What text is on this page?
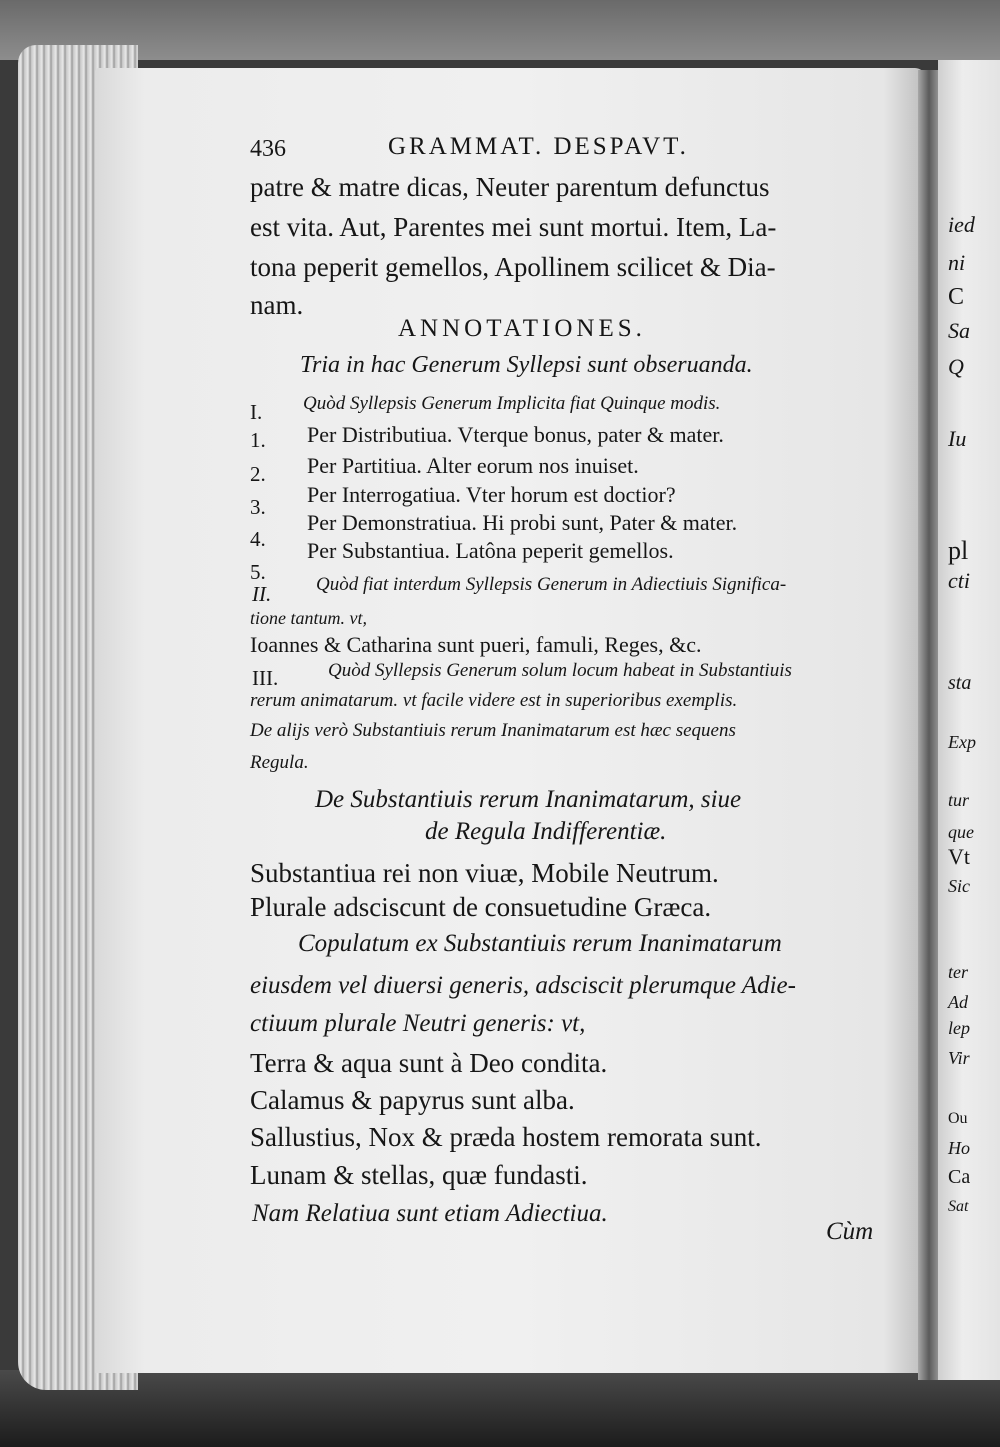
436	GRAMMAT. DESPAVT.
patre & matre dicas, Neuter parentum defunctus
est vita. Aut, Parentes mei sunt mortui. Item, La-
tona peperit gemellos, Apollinem scilicet & Dia-
nam.
ANNOTATIONES.
Tria in hac Generum Syllepsi sunt obseruanda.
I. Quòd Syllepsis Generum Implicita fiat Quinque modis.
1. Per Distributiua. Vterque bonus, pater & mater.
2. Per Partitiua. Alter eorum nos inuiset.
3. Per Interrogatiua. Vter horum est doctior?
4.
Per Demonstratiua. Hi probi sunt, Pater & mater.
5.
Per Substantiua. Latôna peperit gemellos.
II. Quòd fiat interdum Syllepsis Generum in Adiectiuis Significa-
tione tantum. vt,
Ioannes & Catharina sunt pueri, famuli, Reges, &c.
III.	Quòd Syllepsis Generum solum locum habeat in Substantiuis
rerum animatarum. vt facile videre est in superioribus exemplis.
De alijs verò Substantiuis rerum Inanimatarum est hæc sequens
Regula.
De Substantiuis rerum Inanimatarum, siue
de Regula Indifferentiæ.
Substantiua rei non viuæ, Mobile Neutrum.
Plurale adsciscunt de consuetudine Græca.
Copulatum ex Substantiuis rerum Inanimatarum
eiusdem vel diuersi generis, adsciscit plerumque Adie-
ctiuum plurale Neutri generis: vt,
Terra & aqua sunt à Deo condita.
Calamus & papyrus sunt alba.
Sallustius, Nox & præda hostem remorata sunt.
Lunam & stellas, quæ fundasti.
Nam Relatiua sunt etiam Adiectiua.
Cùm
ied
ni
C
Sa
Q
Iu
pl
cti
sta
Exp
tur
que
Vt
Sic
ter
Ad
lep
Vir
Ou
Ho
Ca
Sat
